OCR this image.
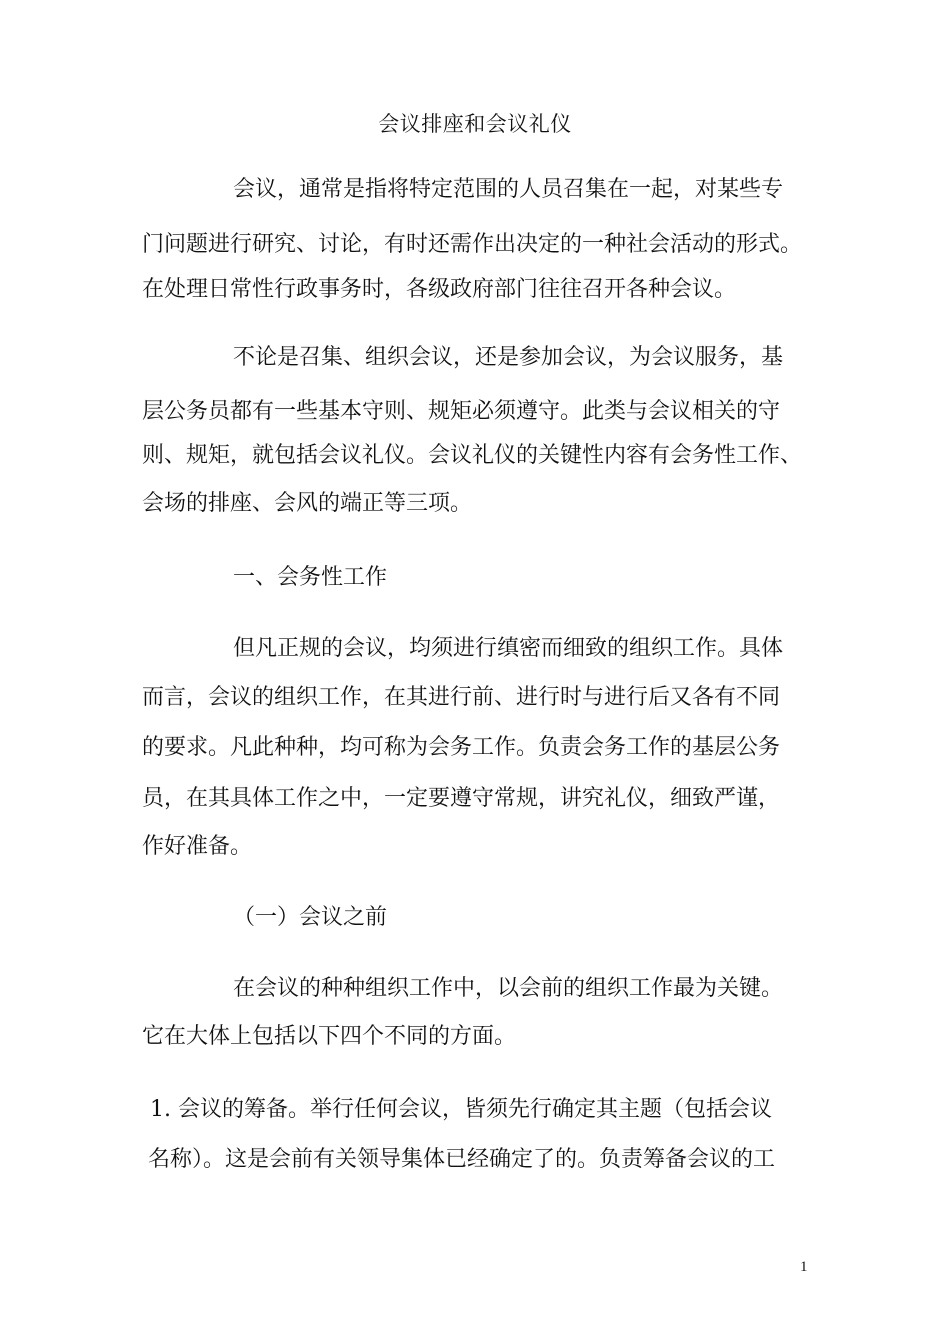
会议排座和会议礼仪
会议，通常是指将特定范围的人员召集在一起，对某些专
门问题进行研究、讨论，有时还需作出决定的一种社会活动的形式。
在处理日常性行政事务时，各级政府部门往往召开各种会议。
不论是召集、组织会议，还是参加会议，为会议服务，基
层公务员都有一些基本守则、规矩必须遵守。此类与会议相关的守
则、规矩，就包括会议礼仪。会议礼仪的关键性内容有会务性工作、
会场的排座、会风的端正等三项。
一、会务性工作
但凡正规的会议，均须进行缜密而细致的组织工作。具体
而言，会议的组织工作，在其进行前、进行时与进行后又各有不同
的要求。凡此种种，均可称为会务工作。负责会务工作的基层公务
员，在其具体工作之中，一定要遵守常规，讲究礼仪，细致严谨，
作好准备。
（一）会议之前
在会议的种种组织工作中，以会前的组织工作最为关键。
它在大体上包括以下四个不同的方面。
1. 会议的筹备。举行任何会议，皆须先行确定其主题（包括会议
名称）。这是会前有关领导集体已经确定了的。负责筹备会议的工
1
